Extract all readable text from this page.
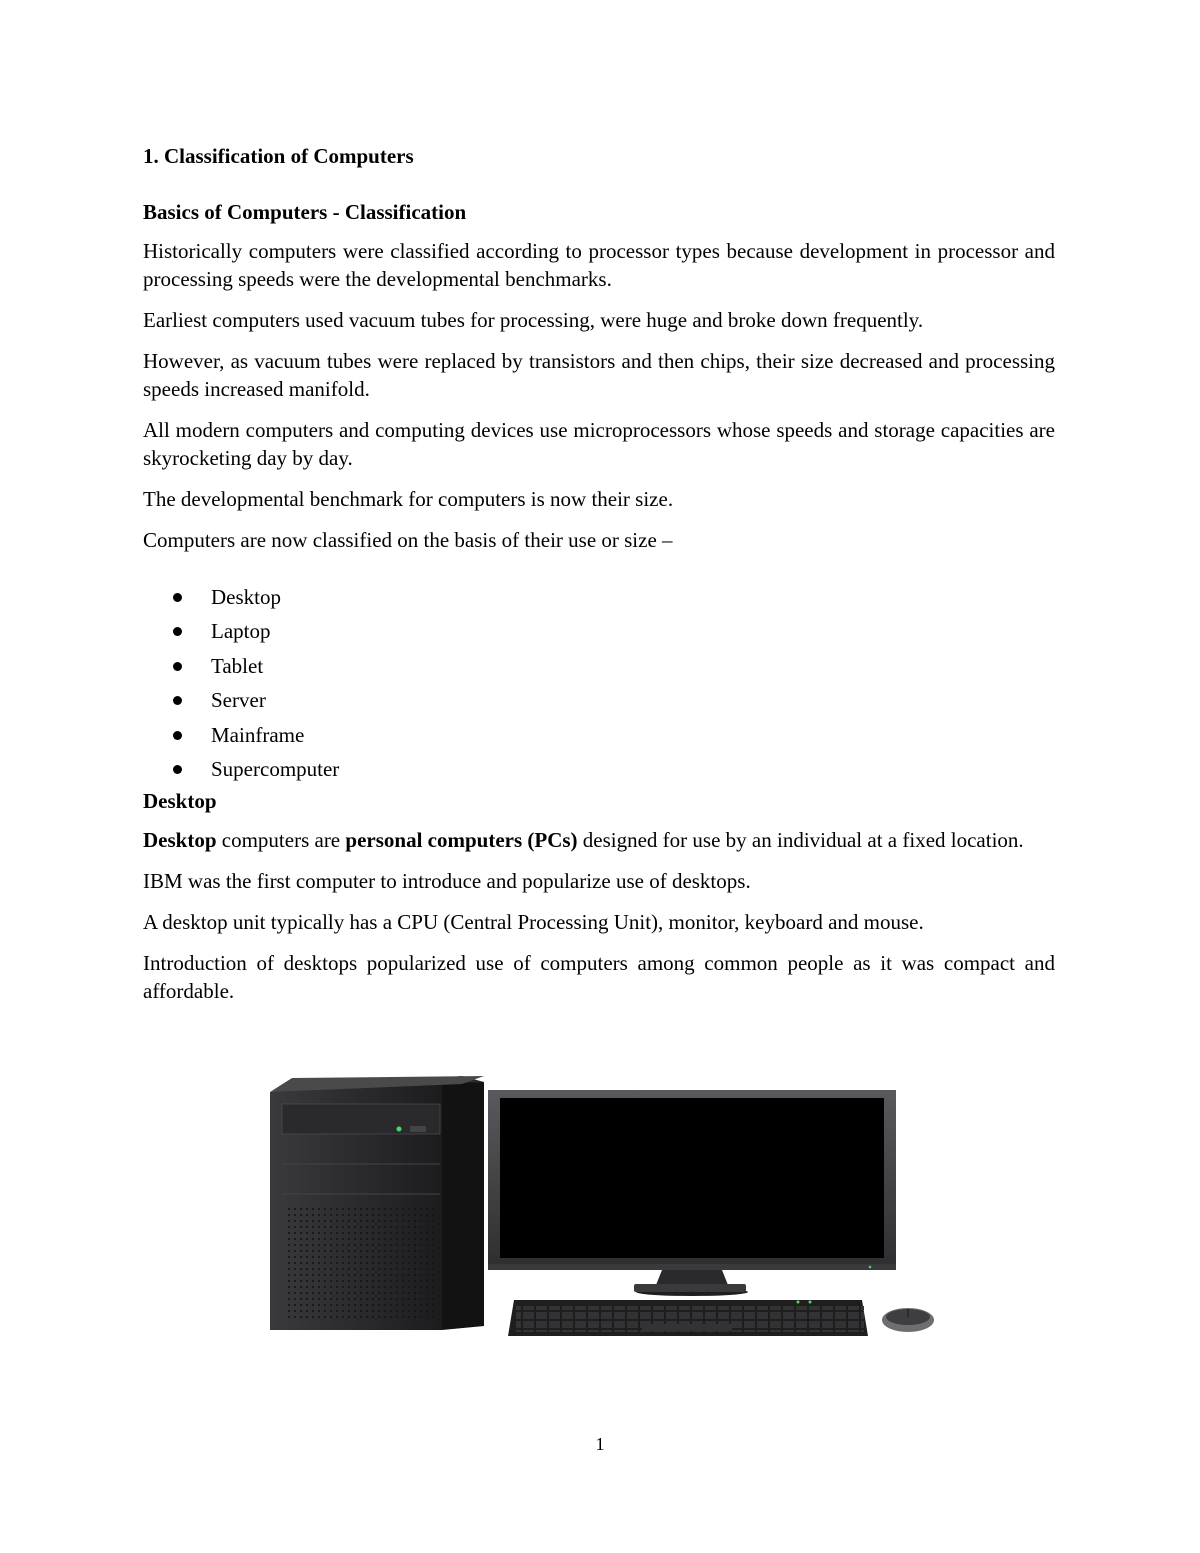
1. Classification of Computers
Basics of Computers - Classification

Historically computers were classified according to processor types because development in processor and processing speeds were the developmental benchmarks.

Earliest computers used vacuum tubes for processing, were huge and broke down frequently.

However, as vacuum tubes were replaced by transistors and then chips, their size decreased and processing speeds increased manifold.

All modern computers and computing devices use microprocessors whose speeds and storage capacities are skyrocketing day by day.

The developmental benchmark for computers is now their size.

Computers are now classified on the basis of their use or size –

Desktop
Laptop
Tablet
Server
Mainframe
Supercomputer
Desktop

Desktop computers are personal computers (PCs) designed for use by an individual at a fixed location.

IBM was the first computer to introduce and popularize use of desktops.

A desktop unit typically has a CPU (Central Processing Unit), monitor, keyboard and mouse.

Introduction of desktops popularized use of computers among common people as it was compact and affordable.

1
